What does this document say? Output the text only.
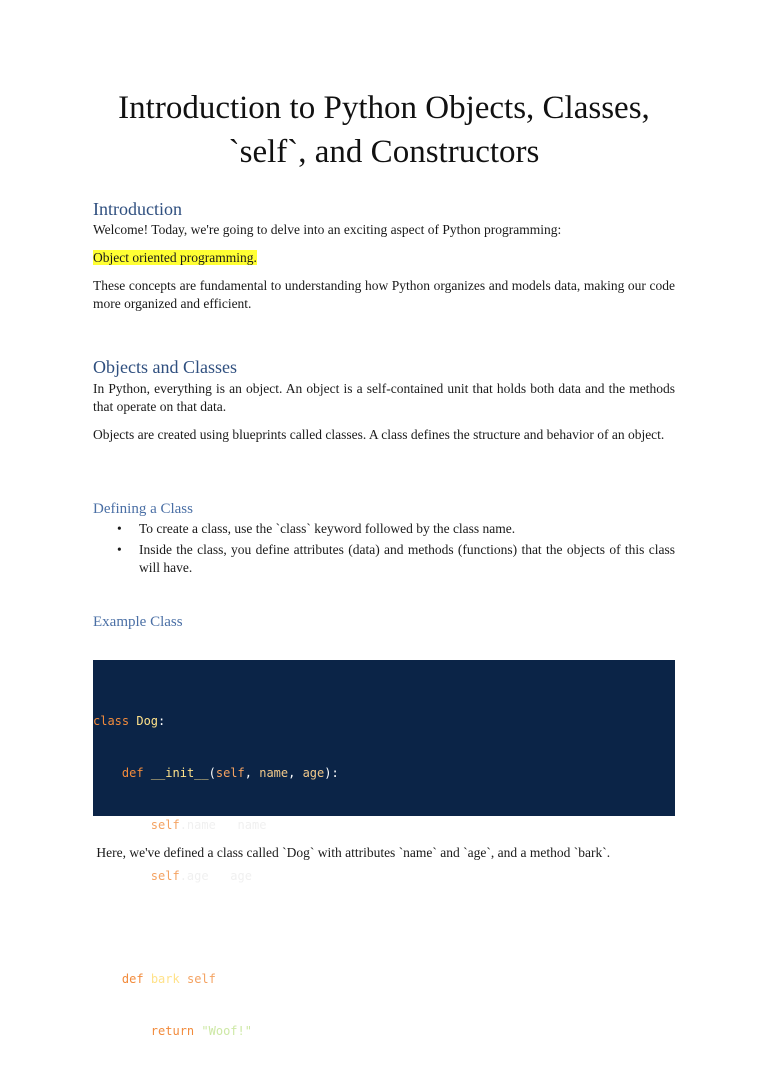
Introduction to Python Objects, Classes,
`self`, and Constructors
Introduction

Welcome! Today, we're going to delve into an exciting aspect of Python programming:

Object oriented programming.

These concepts are fundamental to understanding how Python organizes and models data, making our code more organized and efficient.

Objects and Classes

In Python, everything is an object. An object is a self-contained unit that holds both data and the methods that operate on that data.

Objects are created using blueprints called classes. A class defines the structure and behavior of an object.

Defining a Class
• To create a class, use the `class` keyword followed by the class name.
• Inside the class, you define attributes (data) and methods (functions) that the objects of this class will have.
Example Class

class Dog:

def __init__(self, name, age):

self.name = name

self.age = age

def bark(self):

return "Woof!"

Here, we've defined a class called `Dog` with attributes `name` and `age`, and a method `bark`.
